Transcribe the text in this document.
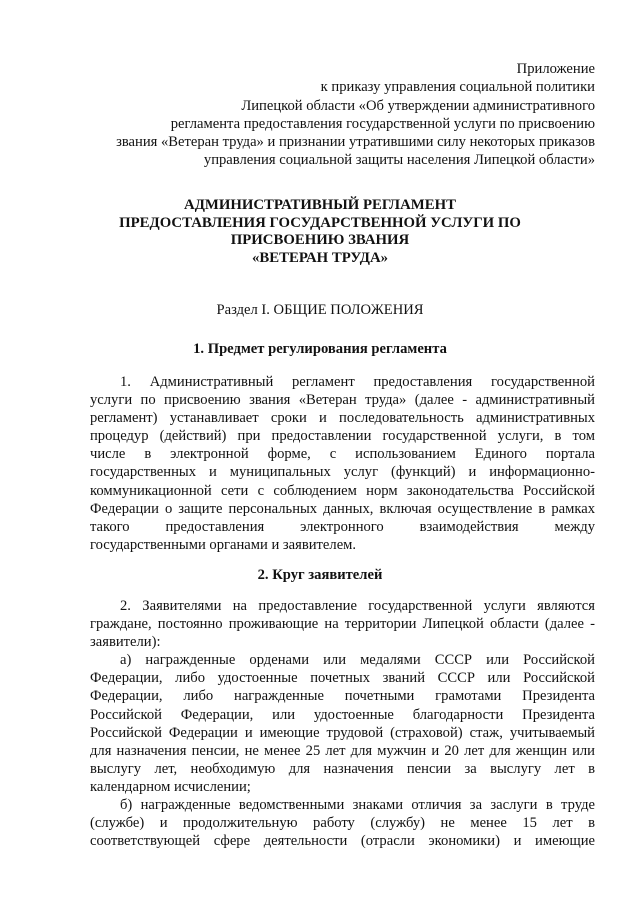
Приложение
к приказу управления социальной политики
Липецкой области «Об утверждении административного
регламента предоставления государственной услуги по присвоению
звания «Ветеран труда» и признании утратившими силу некоторых приказов
управления социальной защиты населения Липецкой области»
АДМИНИСТРАТИВНЫЙ РЕГЛАМЕНТ
ПРЕДОСТАВЛЕНИЯ ГОСУДАРСТВЕННОЙ УСЛУГИ ПО
ПРИСВОЕНИЮ ЗВАНИЯ
«ВЕТЕРАН ТРУДА»
Раздел I. ОБЩИЕ ПОЛОЖЕНИЯ
1. Предмет регулирования регламента
1. Административный регламент предоставления государственной
услуги по присвоению звания «Ветеран труда» (далее - административный
регламент) устанавливает сроки и последовательность административных
процедур (действий) при предоставлении государственной услуги, в том
числе в электронной форме, с использованием Единого портала
государственных и муниципальных услуг (функций) и информационно-
коммуникационной сети с соблюдением норм законодательства Российской
Федерации о защите персональных данных, включая осуществление в рамках
такого предоставления электронного взаимодействия между
государственными органами и заявителем.
2. Круг заявителей
2. Заявителями на предоставление государственной услуги являются
граждане, постоянно проживающие на территории Липецкой области (далее -
заявители):
а) награжденные орденами или медалями СССР или Российской
Федерации, либо удостоенные почетных званий СССР или Российской
Федерации, либо награжденные почетными грамотами Президента
Российской Федерации, или удостоенные благодарности Президента
Российской Федерации и имеющие трудовой (страховой) стаж, учитываемый
для назначения пенсии, не менее 25 лет для мужчин и 20 лет для женщин или
выслугу лет, необходимую для назначения пенсии за выслугу лет в
календарном исчислении;
б) награжденные ведомственными знаками отличия за заслуги в труде
(службе) и продолжительную работу (службу) не менее 15 лет в
соответствующей сфере деятельности (отрасли экономики) и имеющие
